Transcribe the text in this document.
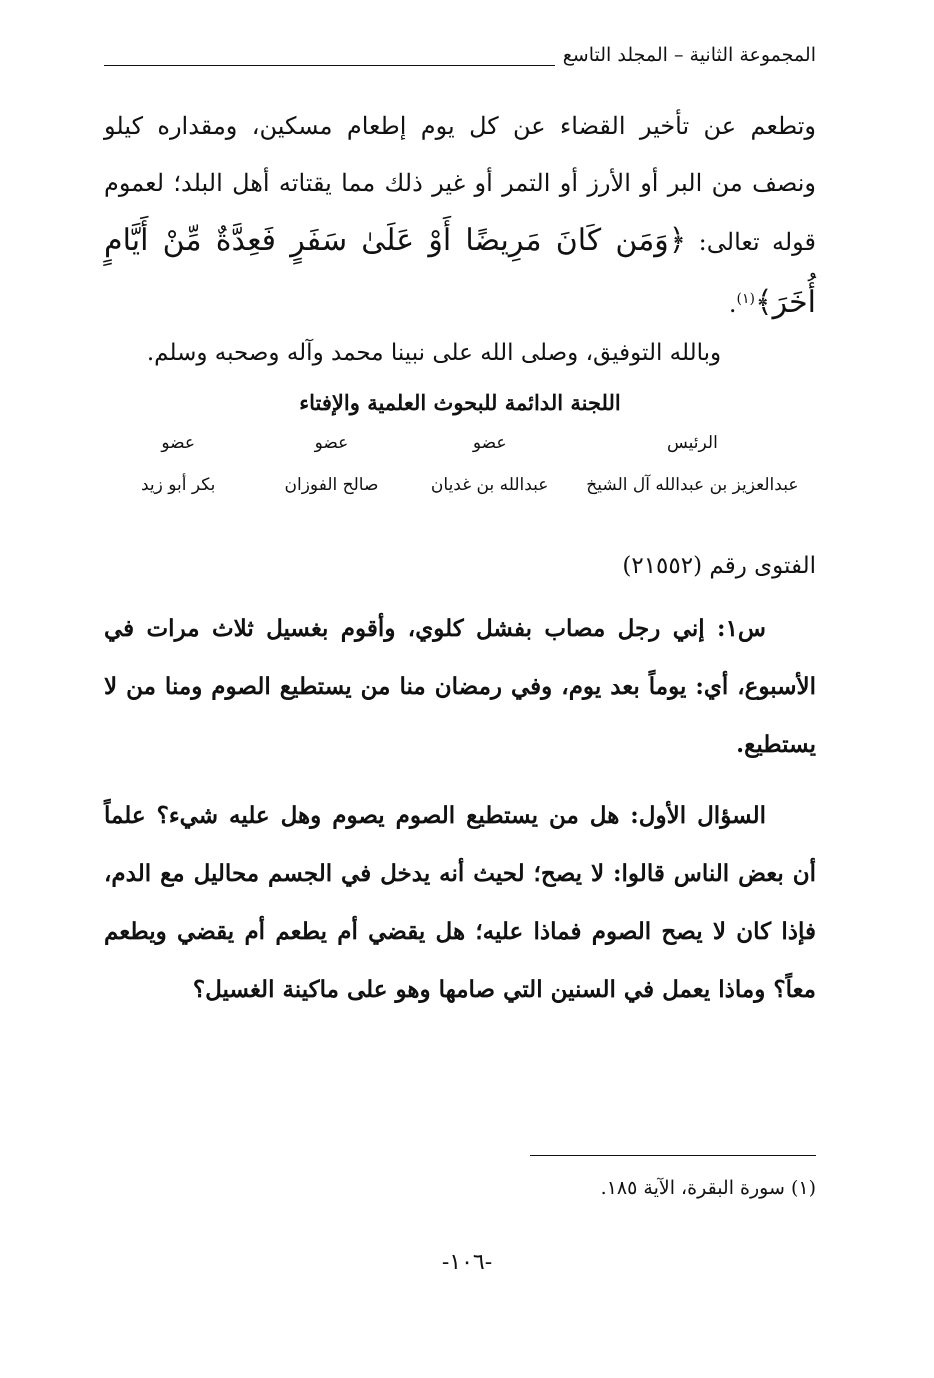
المجموعة الثانية – المجلد التاسع
وتطعم عن تأخير القضاء عن كل يوم إطعام مسكين، ومقداره كيلو ونصف من البر أو الأرز أو التمر أو غير ذلك مما يقتاته أهل البلد؛ لعموم قوله تعالى: ﴿وَمَن كَانَ مَرِيضًا أَوْ عَلَىٰ سَفَرٍ فَعِدَّةٌ مِّنْ أَيَّامٍ أُخَرَ﴾$^{(١)}$.
وبالله التوفيق، وصلى الله على نبينا محمد وآله وصحبه وسلم.
اللجنة الدائمة للبحوث العلمية والإفتاء
عضو	عضو	عضو	الرئيس
بكر أبو زيد	صالح الفوزان	عبدالله بن غديان	عبدالعزيز بن عبدالله آل الشيخ
الفتوى رقم (٢١٥٥٢)
س١: إني رجل مصاب بفشل كلوي، وأقوم بغسيل ثلاث مرات في الأسبوع، أي: يوماً بعد يوم، وفي رمضان منا من يستطيع الصوم ومنا من لا يستطيع.
السؤال الأول: هل من يستطيع الصوم يصوم وهل عليه شيء؟ علماً أن بعض الناس قالوا: لا يصح؛ لحيث أنه يدخل في الجسم محاليل مع الدم، فإذا كان لا يصح الصوم فماذا عليه؛ هل يقضي أم يطعم أم يقضي ويطعم معاً؟ وماذا يعمل في السنين التي صامها وهو على ماكينة الغسيل؟
(١) سورة البقرة، الآية ١٨٥.
-١٠٦-
